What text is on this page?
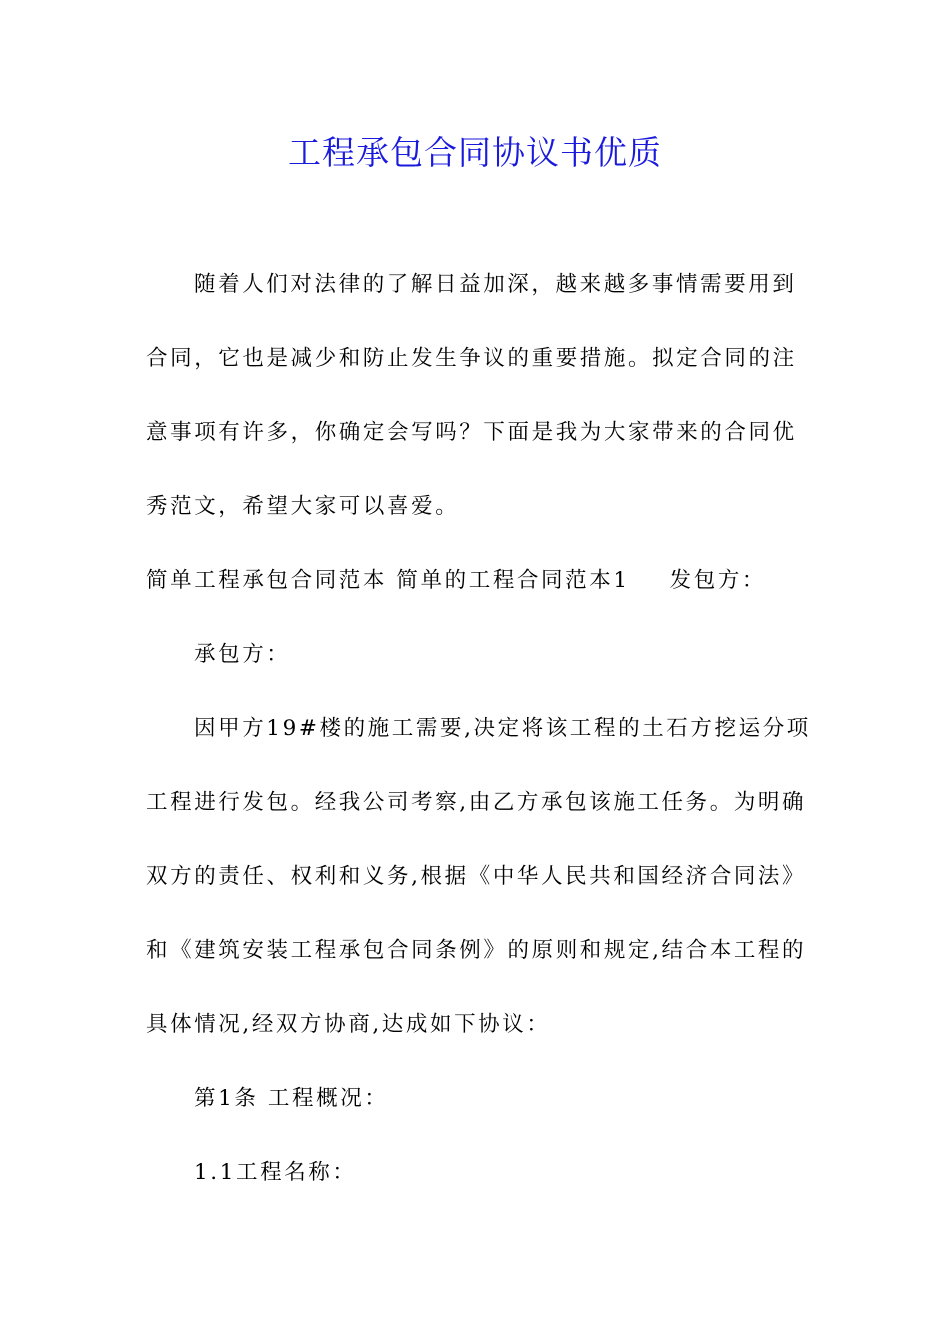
工程承包合同协议书优质
随着人们对法律的了解日益加深，越来越多事情需要用到
合同，它也是减少和防止发生争议的重要措施。拟定合同的注
意事项有许多，你确定会写吗？下面是我为大家带来的合同优
秀范文，希望大家可以喜爱。
简单工程承包合同范本 简单的工程合同范本1 发包方：
承包方：
因甲方19#楼的施工需要,决定将该工程的土石方挖运分项
工程进行发包。经我公司考察,由乙方承包该施工任务。为明确
双方的责任、权利和义务,根据《中华人民共和国经济合同法》
和《建筑安装工程承包合同条例》的原则和规定,结合本工程的
具体情况,经双方协商,达成如下协议：
第1条 工程概况：
1.1工程名称：
